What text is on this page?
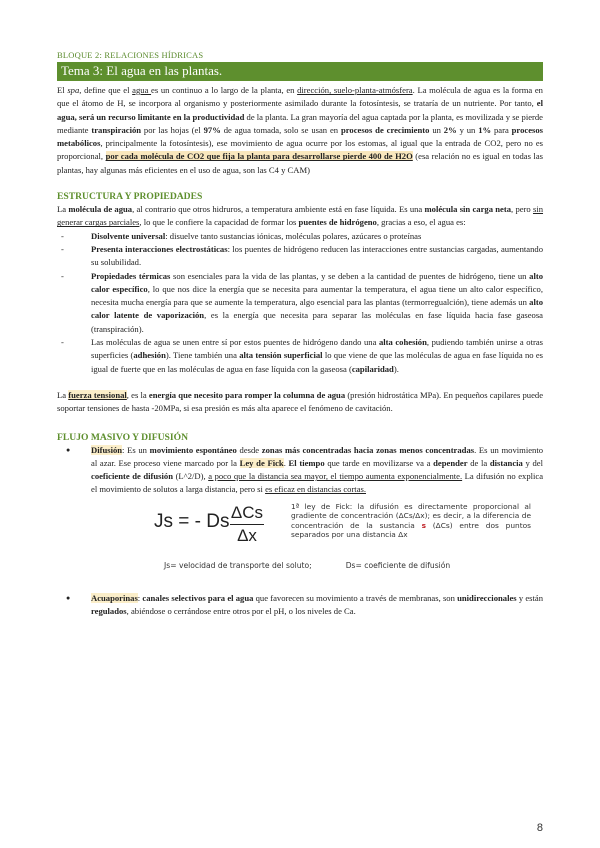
BLOQUE 2: RELACIONES HÍDRICAS
Tema 3: El agua en las plantas.

El spa, define que el agua es un continuo a lo largo de la planta, en dirección, suelo-planta-atmósfera. La molécula de agua es la forma en que el átomo de H, se incorpora al organismo y posteriormente asimilado durante la fotosíntesis, se trataría de un nutriente. Por tanto, el agua, será un recurso limitante en la productividad de la planta. La gran mayoría del agua captada por la planta, es movilizada y se pierde mediante transpiración por las hojas (el 97% de agua tomada, solo se usan en procesos de crecimiento un 2% y un 1% para procesos metabólicos, principalmente la fotosíntesis), ese movimiento de agua ocurre por los estomas, al igual que la entrada de CO2, pero no es proporcional, por cada molécula de CO2 que fija la planta para desarrollarse pierde 400 de H2O (esa relación no es igual en todas las plantas, hay algunas más eficientes en el uso de agua, son las C4 y CAM)

ESTRUCTURA Y PROPIEDADES

La molécula de agua, al contrario que otros hidruros, a temperatura ambiente está en fase líquida. Es una molécula sin carga neta, pero sin generar cargas parciales, lo que le confiere la capacidad de formar los puentes de hidrógeno, gracias a eso, el agua es:

- Disolvente universal: disuelve tanto sustancias iónicas, moléculas polares, azúcares o proteínas
- Presenta interacciones electrostáticas: los puentes de hidrógeno reducen las interacciones entre sustancias cargadas, aumentando su solubilidad.
- Propiedades térmicas son esenciales para la vida de las plantas, y se deben a la cantidad de puentes de hidrógeno, tiene un alto calor específico, lo que nos dice la energía que se necesita para aumentar la temperatura, el agua tiene un alto calor específico, necesita mucha energía para que se aumente la temperatura, algo esencial para las plantas (termorregualción), tiene además un alto calor latente de vaporización, es la energía que necesita para separar las moléculas en fase líquida hacia fase gaseosa (transpiración).
- Las moléculas de agua se unen entre sí por estos puentes de hidrógeno dando una alta cohesión, pudiendo también unirse a otras superficies (adhesión). Tiene también una alta tensión superficial lo que viene de que las moléculas de agua en fase líquida no es igual de fuerte que en las moléculas de agua en fase líquida con la gaseosa (capilaridad).

La fuerza tensional, es la energía que necesito para romper la columna de agua (presión hidrostática MPa). En pequeños capilares puede soportar tensiones de hasta -20MPa, si esa presión es más alta aparece el fenómeno de cavitación.

FLUJO MASIVO Y DIFUSIÓN
● Difusión: Es un movimiento espontáneo desde zonas más concentradas hacia zonas menos concentradas. Es un movimiento al azar. Ese proceso viene marcado por la Ley de Fick. El tiempo que tarde en movilizarse va a depender de la distancia y del coeficiente de difusión (L^2/D), a poco que la distancia sea mayor, el tiempo aumenta exponencialmente. La difusión no explica el movimiento de solutos a larga distancia, pero si es eficaz en distancias cortas.
Js = - Ds ΔCs
Δx
1ª ley de Fick: la difusión es directamente proporcional al gradiente de concentración (ΔCs/Δx); es decir, a la diferencia de concentración de la sustancia s (ΔCs) entre dos puntos separados por una distancia Δx
Js= velocidad de transporte del soluto;	Ds= coeficiente de difusión
● Acuaporinas: canales selectivos para el agua que favorecen su movimiento a través de membranas, son unidireccionales y están regulados, abiéndose o cerrándose entre otros por el pH, o los niveles de Ca.
8
